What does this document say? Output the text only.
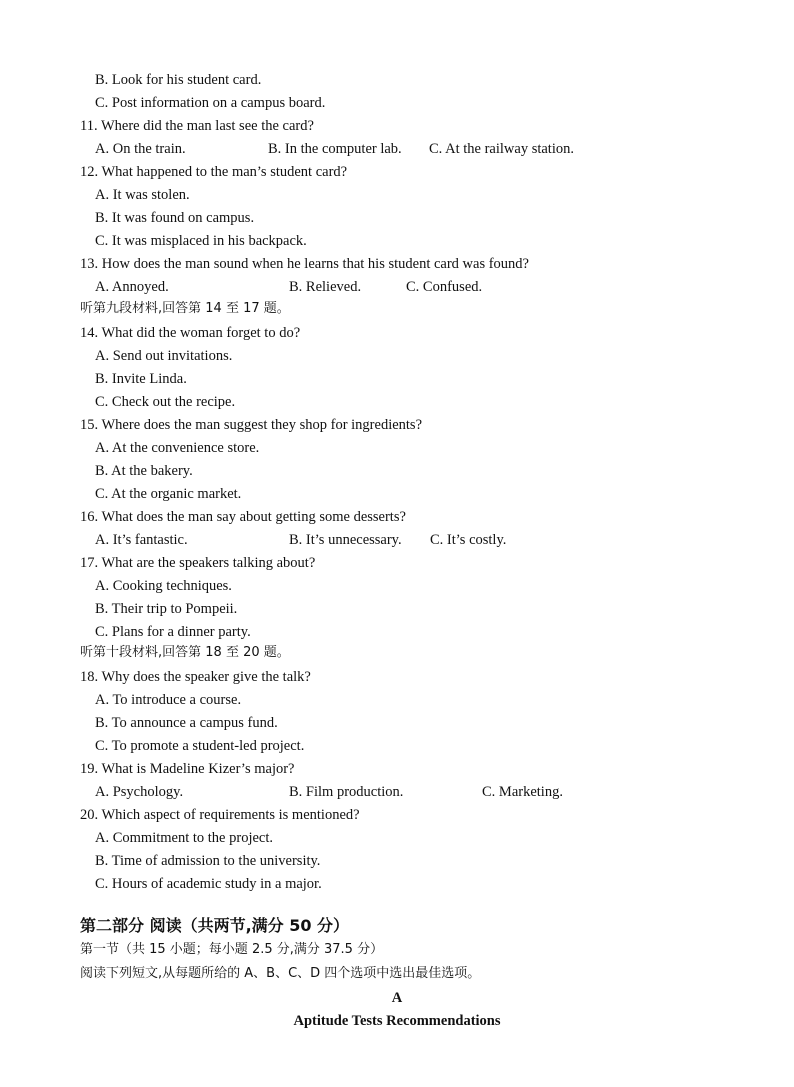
B. Look for his student card.
C. Post information on a campus board.
11. Where did the man last see the card?
A. On the train.	B. In the computer lab. C. At the railway station.
12. What happened to the man’s student card?
A. It was stolen.
B. It was found on campus.
C. It was misplaced in his backpack.
13. How does the man sound when he learns that his student card was found?
A. Annoyed.	B. Relieved.	C. Confused.
听第九段材料,回答第 14 至 17 题。
14. What did the woman forget to do?
A. Send out invitations.
B. Invite Linda.
C. Check out the recipe.
15. Where does the man suggest they shop for ingredients?
A. At the convenience store.
B. At the bakery.
C. At the organic market.
16. What does the man say about getting some desserts?
A. It’s fantastic.	B. It’s unnecessary. C. It’s costly.
17. What are the speakers talking about?
A. Cooking techniques.
B. Their trip to Pompeii.
C. Plans for a dinner party.
听第十段材料,回答第 18 至 20 题。
18. Why does the speaker give the talk?
A. To introduce a course.
B. To announce a campus fund.
C. To promote a student-led project.
19. What is Madeline Kizer’s major?
A. Psychology.	B. Film production.	C. Marketing.
20. Which aspect of requirements is mentioned?
A. Commitment to the project.
B. Time of admission to the university.
C. Hours of academic study in a major.
第二部分 阅读（共两节,满分 50 分）
第一节（共 15 小题；每小题 2.5 分,满分 37.5 分）
阅读下列短文,从每题所给的 A、B、C、D 四个选项中选出最佳选项。
A
Aptitude Tests Recommendations
